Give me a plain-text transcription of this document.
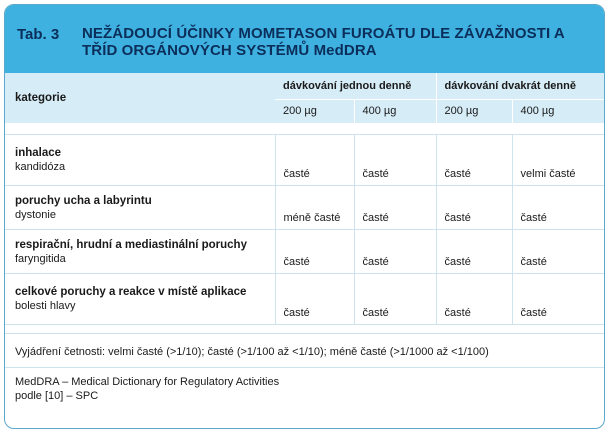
Tab. 3 NEŽÁDOUCÍ ÚČINKY MOMETASON FUROÁTU DLE ZÁVAŽNOSTI A TŘÍD ORGÁNOVÝCH SYSTÉMŮ MedDRA
kategorie	dávkování jednou denně		dávkování dvakrát denně	
	200 µg	400 µg	200 µg	400 µg

inhalace
kandidóza	časté	časté	časté	velmi časté

poruchy ucha a labyrintu
dystonie	méně časté	časté	časté	časté

respirační, hrudní a mediastinální poruchy
faryngitida	časté	časté	časté	časté

celkové poruchy a reakce v místě aplikace
bolesti hlavy	časté	časté	časté	časté

Vyjádření četnosti: velmi časté (>1/10); časté (>1/100 až <1/10); méně časté (>1/1000 až <1/100)
MedDRA – Medical Dictionary for Regulatory Activities
podle [10] – SPC
